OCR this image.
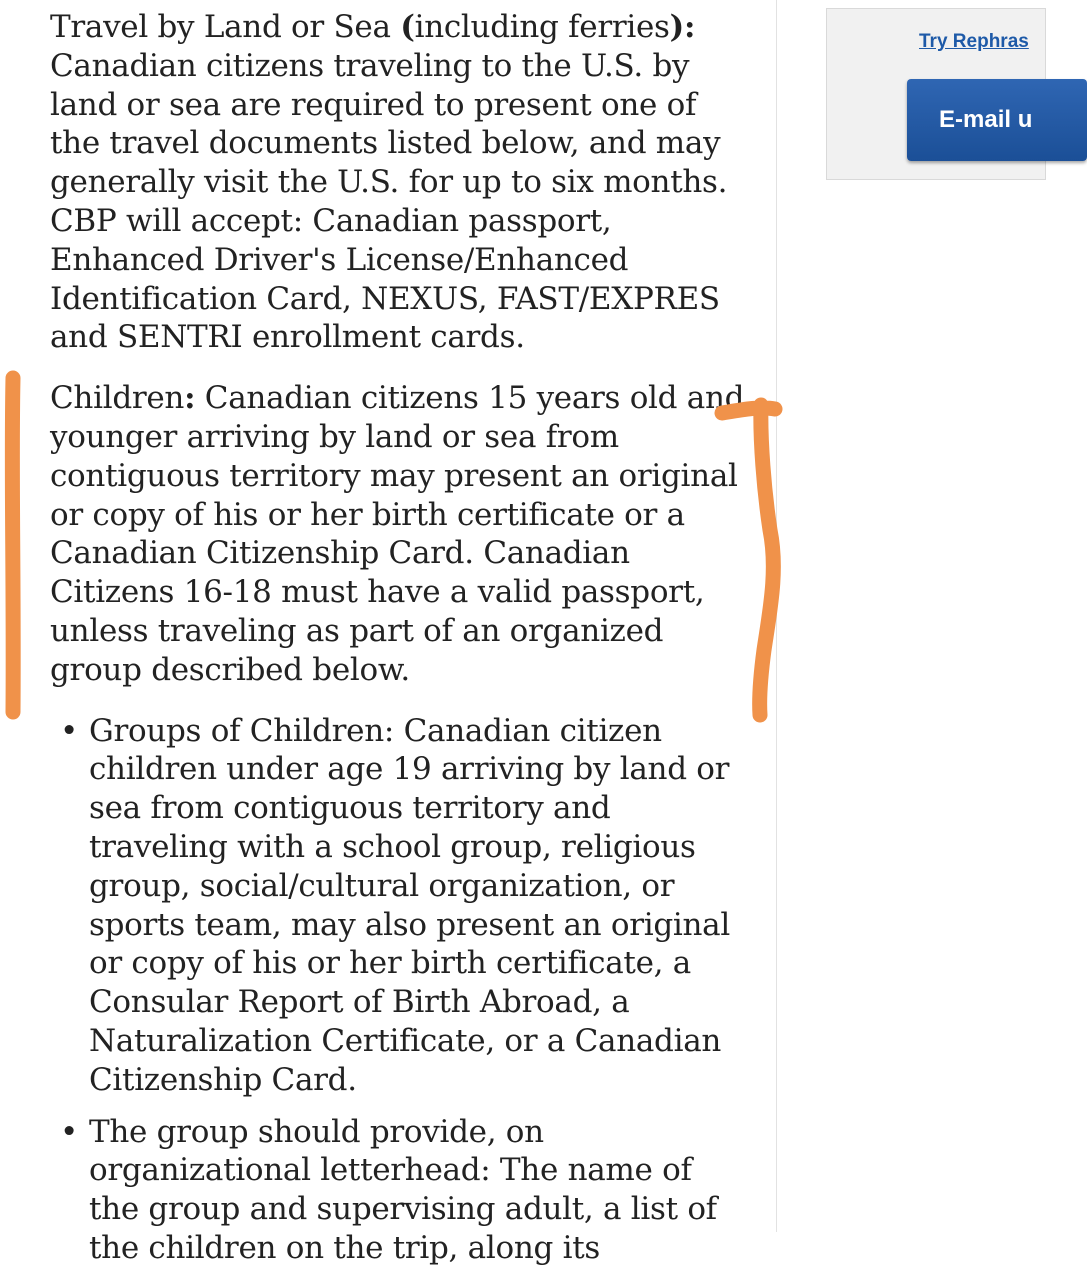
Travel by Land or Sea (including ferries): Canadian citizens traveling to the U.S. by land or sea are required to present one of the travel documents listed below, and may generally visit the U.S. for up to six months. CBP will accept: Canadian passport, Enhanced Driver's License/Enhanced Identification Card, NEXUS, FAST/EXPRES and SENTRI enrollment cards.

Children: Canadian citizens 15 years old and younger arriving by land or sea from contiguous territory may present an original or copy of his or her birth certificate or a Canadian Citizenship Card. Canadian Citizens 16-18 must have a valid passport, unless traveling as part of an organized group described below.

• Groups of Children: Canadian citizen children under age 19 arriving by land or sea from contiguous territory and traveling with a school group, religious group, social/cultural organization, or sports team, may also present an original or copy of his or her birth certificate, a Consular Report of Birth Abroad, a Naturalization Certificate, or a Canadian Citizenship Card.
• The group should provide, on organizational letterhead: The name of the group and supervising adult, a list of the children on the trip, along its
Try Rephras
E-mail u
